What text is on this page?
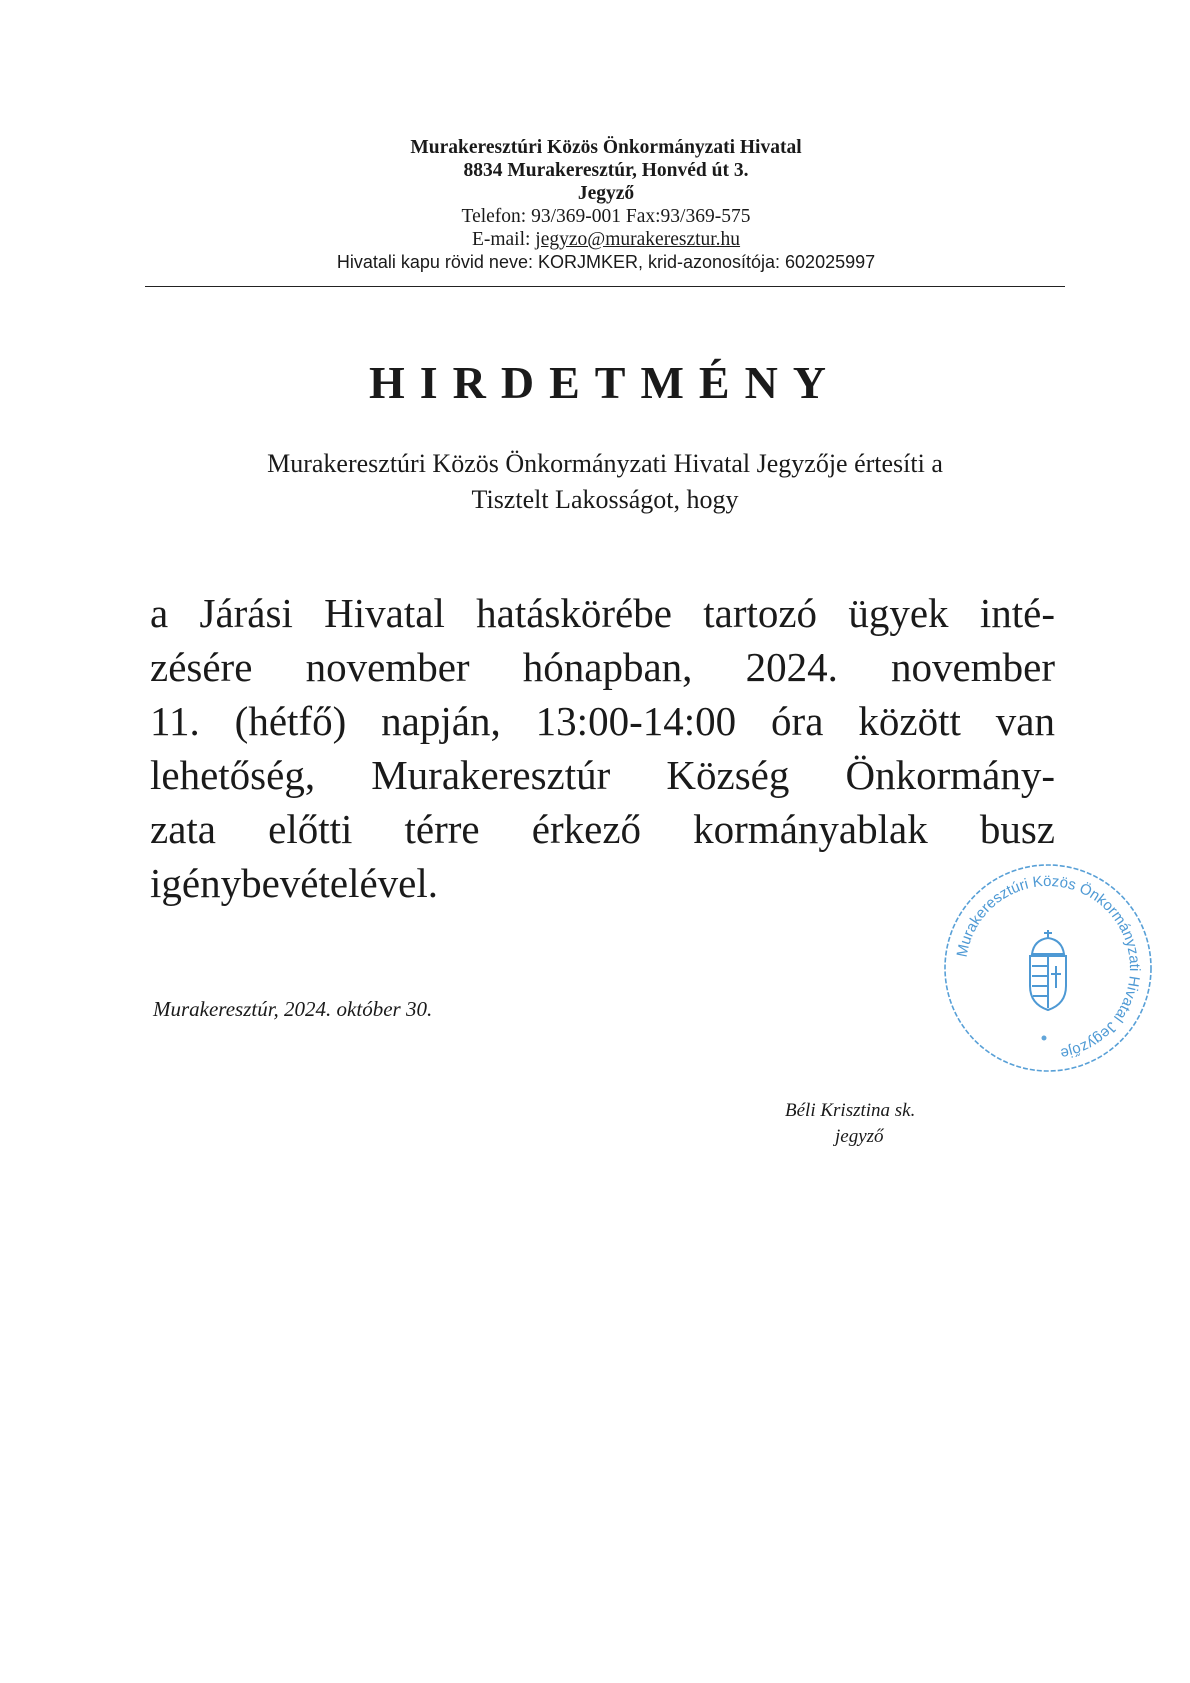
Murakeresztúri Közös Önkormányzati Hivatal
8834 Murakeresztúr, Honvéd út 3.
Jegyző
Telefon: 93/369-001 Fax:93/369-575
E-mail: jegyzo@murakeresztur.hu
Hivatali kapu rövid neve: KORJMKER, krid-azonosítója: 602025997
HIRDETMÉNY
Murakeresztúri Közös Önkormányzati Hivatal Jegyzője értesíti a
Tisztelt Lakosságot, hogy
a Járási Hivatal hatáskörébe tartozó ügyek inté-
zésére november hónapban, 2024. november
11. (hétfő) napján, 13:00-14:00 óra között van
lehetőség, Murakeresztúr Község Önkormány-
zata előtti térre érkező kormányablak busz
igénybevételével.
Murakeresztúr, 2024. október 30.
Béli Krisztina sk.
jegyző
Murakeresztúri Közös Önkormányzati Hivatal Jegyzője
